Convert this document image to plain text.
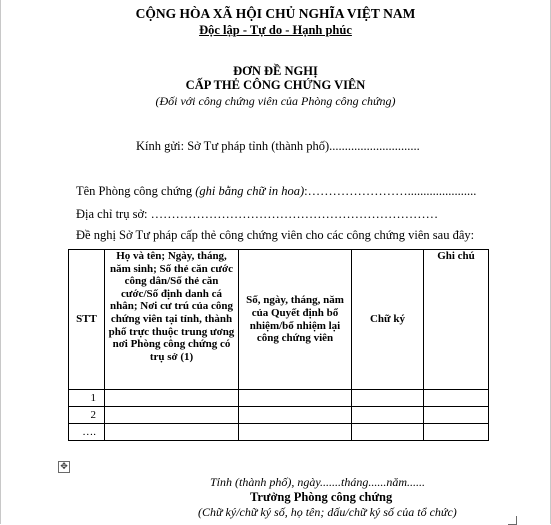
CỘNG HÒA XÃ HỘI CHỦ NGHĨA VIỆT NAM
Độc lập - Tự do - Hạnh phúc
ĐƠN ĐỀ NGHỊ
CẤP THẺ CÔNG CHỨNG VIÊN
(Đối với công chứng viên của Phòng công chứng)
Kính gửi: Sở Tư pháp tỉnh (thành phố).............................
Tên Phòng công chứng (ghi bằng chữ in hoa):……………………......................
Địa chỉ trụ sở: ……………………………………………………………
Đề nghị Sở Tư pháp cấp thẻ công chứng viên cho các công chứng viên sau đây:
STT	Họ và tên; Ngày, tháng, năm sinh; Số thẻ căn cước công dân/Số thẻ căn cước/Số định danh cá nhân; Nơi cư trú của công chứng viên tại tỉnh, thành phố trực thuộc trung ương nơi Phòng công chứng có trụ sở (1)	Số, ngày, tháng, năm của Quyết định bổ nhiệm/bổ nhiệm lại công chứng viên	Chữ ký	Ghi chú
1				
2				
….				
✥
Tỉnh (thành phố), ngày.......tháng......năm......
Trưởng Phòng công chứng
(Chữ ký/chữ ký số, họ tên; dấu/chữ ký số của tổ chức)
